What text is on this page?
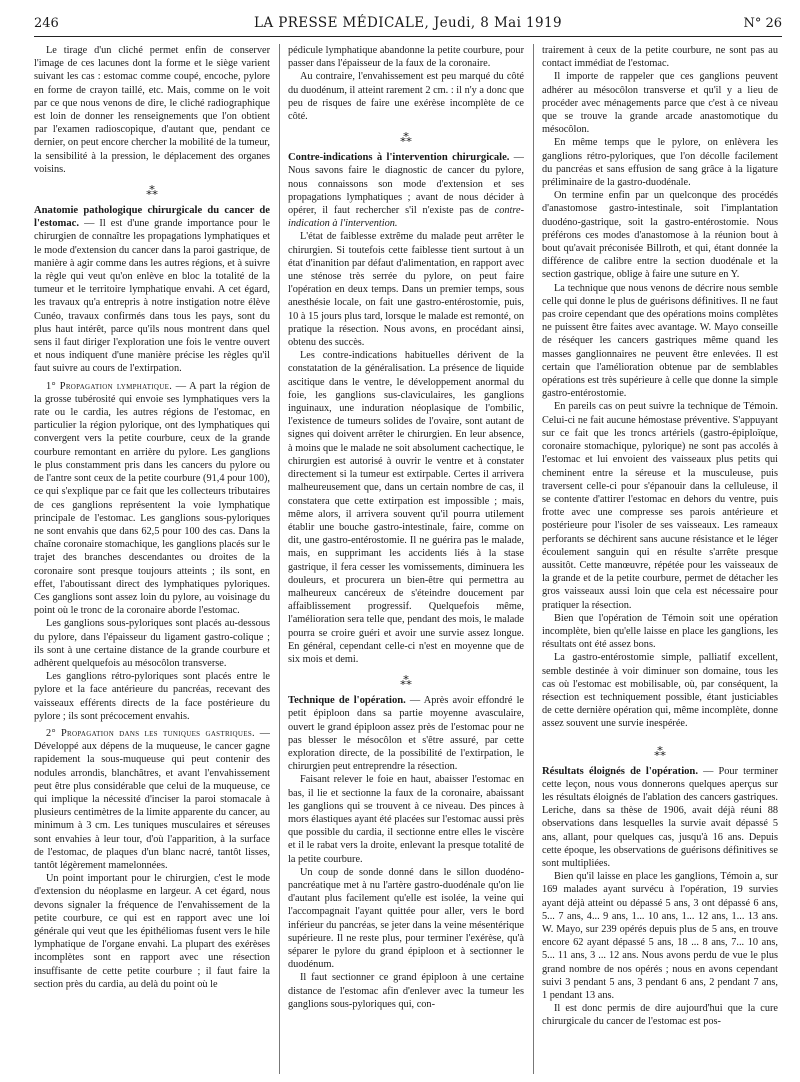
246	LA PRESSE MÉDICALE, Jeudi, 8 Mai 1919	N° 26

Le tirage d'un cliché permet enfin de conserver l'image de ces lacunes dont la forme et le siège varient suivant les cas : estomac comme coupé, encoche, pylore en forme de crayon taillé, etc. Mais, comme on le voit par ce que nous venons de dire, le cliché radiographique est loin de donner les renseignements que l'on obtient par l'examen radioscopique, d'autant que, pendant ce dernier, on peut encore chercher la mobilité de la tumeur, la sensibilité à la pression, le déplacement des organes voisins.

⁂

Anatomie pathologique chirurgicale du cancer de l'estomac. — Il est d'une grande importance pour le chirurgien de connaître les propagations lymphatiques et le mode d'extension du cancer dans la paroi gastrique, de manière à agir comme dans les autres régions, et à suivre la règle qui veut qu'on enlève en bloc la totalité de la tumeur et le territoire lymphatique envahi. A cet égard, les travaux qu'a entrepris à notre instigation notre élève Cunéo, travaux confirmés dans tous les pays, sont du plus haut intérêt, parce qu'ils nous montrent dans quel sens il faut diriger l'exploration une fois le ventre ouvert et nous indiquent d'une manière précise les règles qu'il faut suivre au cours de l'extirpation.

1° Propagation lymphatique. — A part la région de la grosse tubérosité qui envoie ses lymphatiques vers la rate ou le cardia, les autres régions de l'estomac, en particulier la région pylorique, ont des lymphatiques qui convergent vers la petite courbure, ceux de la grande courbure remontant en arrière du pylore. Les ganglions le plus constamment pris dans les cancers du pylore ou de l'antre sont ceux de la petite courbure (91,4 pour 100), ce qui s'explique par ce fait que les collecteurs tributaires de ces ganglions représentent la voie lymphatique principale de l'estomac. Les ganglions sous-pyloriques ne sont envahis que dans 62,5 pour 100 des cas. Dans la chaîne coronaire stomachique, les ganglions placés sur le trajet des branches descendantes ou droites de la coronaire sont presque toujours atteints ; ils sont, en effet, l'aboutissant direct des lymphatiques pyloriques. Ces ganglions sont assez loin du pylore, au voisinage du point où le tronc de la coronaire aborde l'estomac.

Les ganglions sous-pyloriques sont placés au-dessous du pylore, dans l'épaisseur du ligament gastro-colique ; ils sont à une certaine distance de la grande courbure et adhèrent quelquefois au mésocôlon transverse.

Les ganglions rétro-pyloriques sont placés entre le pylore et la face antérieure du pancréas, recevant des vaisseaux efférents directs de la face postérieure du pylore ; ils sont précocement envahis.

2° Propagation dans les tuniques gastriques. — Développé aux dépens de la muqueuse, le cancer gagne rapidement la sous-muqueuse qui peut contenir des nodules arrondis, blanchâtres, et avant l'envahissement peut être plus considérable que celui de la muqueuse, ce qui implique la nécessité d'inciser la paroi stomacale à plusieurs centimètres de la limite apparente du cancer, au minimum à 3 cm. Les tuniques musculaires et séreuses sont envahies à leur tour, d'où l'apparition, à la surface de l'estomac, de plaques d'un blanc nacré, tantôt lisses, tantôt légèrement mamelonnées.

Un point important pour le chirurgien, c'est le mode d'extension du néoplasme en largeur. A cet égard, nous devons signaler la fréquence de l'envahissement de la petite courbure, ce qui est en rapport avec une loi générale qui veut que les épithéliomas fusent vers le hile lymphatique de l'organe envahi. La plupart des exérèses incomplètes sont en rapport avec une résection insuffisante de cette petite courbure ; il faut faire la section près du cardia, au delà du point où le

pédicule lymphatique abandonne la petite courbure, pour passer dans l'épaisseur de la faux de la coronaire.

Au contraire, l'envahissement est peu marqué du côté du duodénum, il atteint rarement 2 cm. : il n'y a donc que peu de risques de faire une exérèse incomplète de ce côté.

⁂

Contre-indications à l'intervention chirurgicale. — Nous savons faire le diagnostic de cancer du pylore, nous connaissons son mode d'extension et ses propagations lymphatiques ; avant de nous décider à opérer, il faut rechercher s'il n'existe pas de contre-indication à l'intervention.

L'état de faiblesse extrême du malade peut arrêter le chirurgien. Si toutefois cette faiblesse tient surtout à un état d'inanition par défaut d'alimentation, en rapport avec une sténose très serrée du pylore, on peut faire l'opération en deux temps. Dans un premier temps, sous anesthésie locale, on fait une gastro-entérostomie, puis, 10 à 15 jours plus tard, lorsque le malade est remonté, on pratique la résection. Nous avons, en procédant ainsi, obtenu des succès.

Les contre-indications habituelles dérivent de la constatation de la généralisation. La présence de liquide ascitique dans le ventre, le développement anormal du foie, les ganglions sus-claviculaires, les ganglions inguinaux, une induration néoplasique de l'ombilic, l'existence de tumeurs solides de l'ovaire, sont autant de signes qui doivent arrêter le chirurgien. En leur absence, à moins que le malade ne soit absolument cachectique, le chirurgien est autorisé à ouvrir le ventre et à constater directement si la tumeur est extirpable. Certes il arrivera malheureusement que, dans un certain nombre de cas, il constatera que cette extirpation est impossible ; mais, même alors, il arrivera souvent qu'il pourra utilement établir une bouche gastro-intestinale, faire, comme on dit, une gastro-entérostomie. Il ne guérira pas le malade, mais, en supprimant les accidents liés à la stase gastrique, il fera cesser les vomissements, diminuera les douleurs, et procurera un bien-être qui permettra au malheureux cancéreux de s'éteindre doucement par affaiblissement progressif. Quelquefois même, l'amélioration sera telle que, pendant des mois, le malade pourra se croire guéri et avoir une survie assez longue. En général, cependant celle-ci n'est en moyenne que de six mois et demi.

⁂

Technique de l'opération. — Après avoir effondré le petit épiploon dans sa partie moyenne avasculaire, ouvert le grand épiploon assez près de l'estomac pour ne pas blesser le mésocôlon et s'être assuré, par cette exploration directe, de la possibilité de l'extirpation, le chirurgien peut entreprendre la résection.

Faisant relever le foie en haut, abaisser l'estomac en bas, il lie et sectionne la faux de la coronaire, abaissant les ganglions qui se trouvent à ce niveau. Des pinces à mors élastiques ayant été placées sur l'estomac aussi près que possible du cardia, il sectionne entre elles le viscère et il le rabat vers la droite, enlevant la presque totalité de la petite courbure.

Un coup de sonde donné dans le sillon duodéno-pancréatique met à nu l'artère gastro-duodénale qu'on lie d'autant plus facilement qu'elle est isolée, la veine qui l'accompagnait l'ayant quittée pour aller, vers le bord inférieur du pancréas, se jeter dans la veine mésentérique supérieure. Il ne reste plus, pour terminer l'exérèse, qu'à séparer le pylore du grand épiploon et à sectionner le duodénum.

Il faut sectionner ce grand épiploon à une certaine distance de l'estomac afin d'enlever avec la tumeur les ganglions sous-pyloriques qui, con-

trairement à ceux de la petite courbure, ne sont pas au contact immédiat de l'estomac.

Il importe de rappeler que ces ganglions peuvent adhérer au mésocôlon transverse et qu'il y a lieu de procéder avec ménagements parce que c'est à ce niveau que se trouve la grande arcade anastomotique du mésocôlon.

En même temps que le pylore, on enlèvera les ganglions rétro-pyloriques, que l'on décolle facilement du pancréas et sans effusion de sang grâce à la ligature préliminaire de la gastro-duodénale.

On termine enfin par un quelconque des procédés d'anastomose gastro-intestinale, soit l'implantation duodéno-gastrique, soit la gastro-entérostomie. Nous préférons ces modes d'anastomose à la réunion bout à bout qu'avait préconisée Billroth, et qui, étant donnée la différence de calibre entre la section duodénale et la section gastrique, oblige à faire une suture en Y.

La technique que nous venons de décrire nous semble celle qui donne le plus de guérisons définitives. Il ne faut pas croire cependant que des opérations moins complètes ne puissent être faites avec avantage. W. Mayo conseille de réséquer les cancers gastriques même quand les masses ganglionnaires ne peuvent être enlevées. Il est certain que l'amélioration obtenue par de semblables opérations est très supérieure à celle que donne la simple gastro-entérostomie.

En pareils cas on peut suivre la technique de Témoin. Celui-ci ne fait aucune hémostase préventive. S'appuyant sur ce fait que les troncs artériels (gastro-épiploïque, coronaire stomachique, pylorique) ne sont pas accolés à l'estomac et lui envoient des vaisseaux plus petits qui cheminent entre la séreuse et la musculeuse, puis traversent celle-ci pour s'épanouir dans la celluleuse, il se contente d'attirer l'estomac en dehors du ventre, puis frotte avec une compresse ses parois antérieure et postérieure pour l'isoler de ses vaisseaux. Les rameaux perforants se déchirent sans aucune résistance et le léger écoulement sanguin qui en résulte s'arrête presque aussitôt. Cette manœuvre, répétée pour les vaisseaux de la grande et de la petite courbure, permet de détacher les gros vaisseaux aussi loin que cela est nécessaire pour pratiquer la résection.

Bien que l'opération de Témoin soit une opération incomplète, bien qu'elle laisse en place les ganglions, les résultats ont été assez bons.

La gastro-entérostomie simple, palliatif excellent, semble destinée à voir diminuer son domaine, tous les cas où l'estomac est mobilisable, où, par conséquent, la résection est techniquement possible, étant justiciables de cette dernière opération qui, même incomplète, donne assez souvent une survie inespérée.

⁂

Résultats éloignés de l'opération. — Pour terminer cette leçon, nous vous donnerons quelques aperçus sur les résultats éloignés de l'ablation des cancers gastriques. Leriche, dans sa thèse de 1906, avait déjà réuni 88 observations dans lesquelles la survie avait dépassé 5 ans, allant, pour quelques cas, jusqu'à 16 ans. Depuis cette époque, les observations de guérisons définitives se sont multipliées.

Bien qu'il laisse en place les ganglions, Témoin a, sur 169 malades ayant survécu à l'opération, 19 survies ayant déjà atteint ou dépassé 5 ans, 3 ont dépassé 6 ans, 5... 7 ans, 4... 9 ans, 1... 10 ans, 1... 12 ans, 1... 13 ans. W. Mayo, sur 239 opérés depuis plus de 5 ans, en trouve encore 62 ayant dépassé 5 ans, 18 ... 8 ans, 7... 10 ans, 5... 11 ans, 3 ... 12 ans. Nous avons perdu de vue le plus grand nombre de nos opérés ; nous en avons cependant suivi 3 pendant 5 ans, 3 pendant 6 ans, 2 pendant 7 ans, 1 pendant 13 ans.

Il est donc permis de dire aujourd'hui que la cure chirurgicale du cancer de l'estomac est pos-
